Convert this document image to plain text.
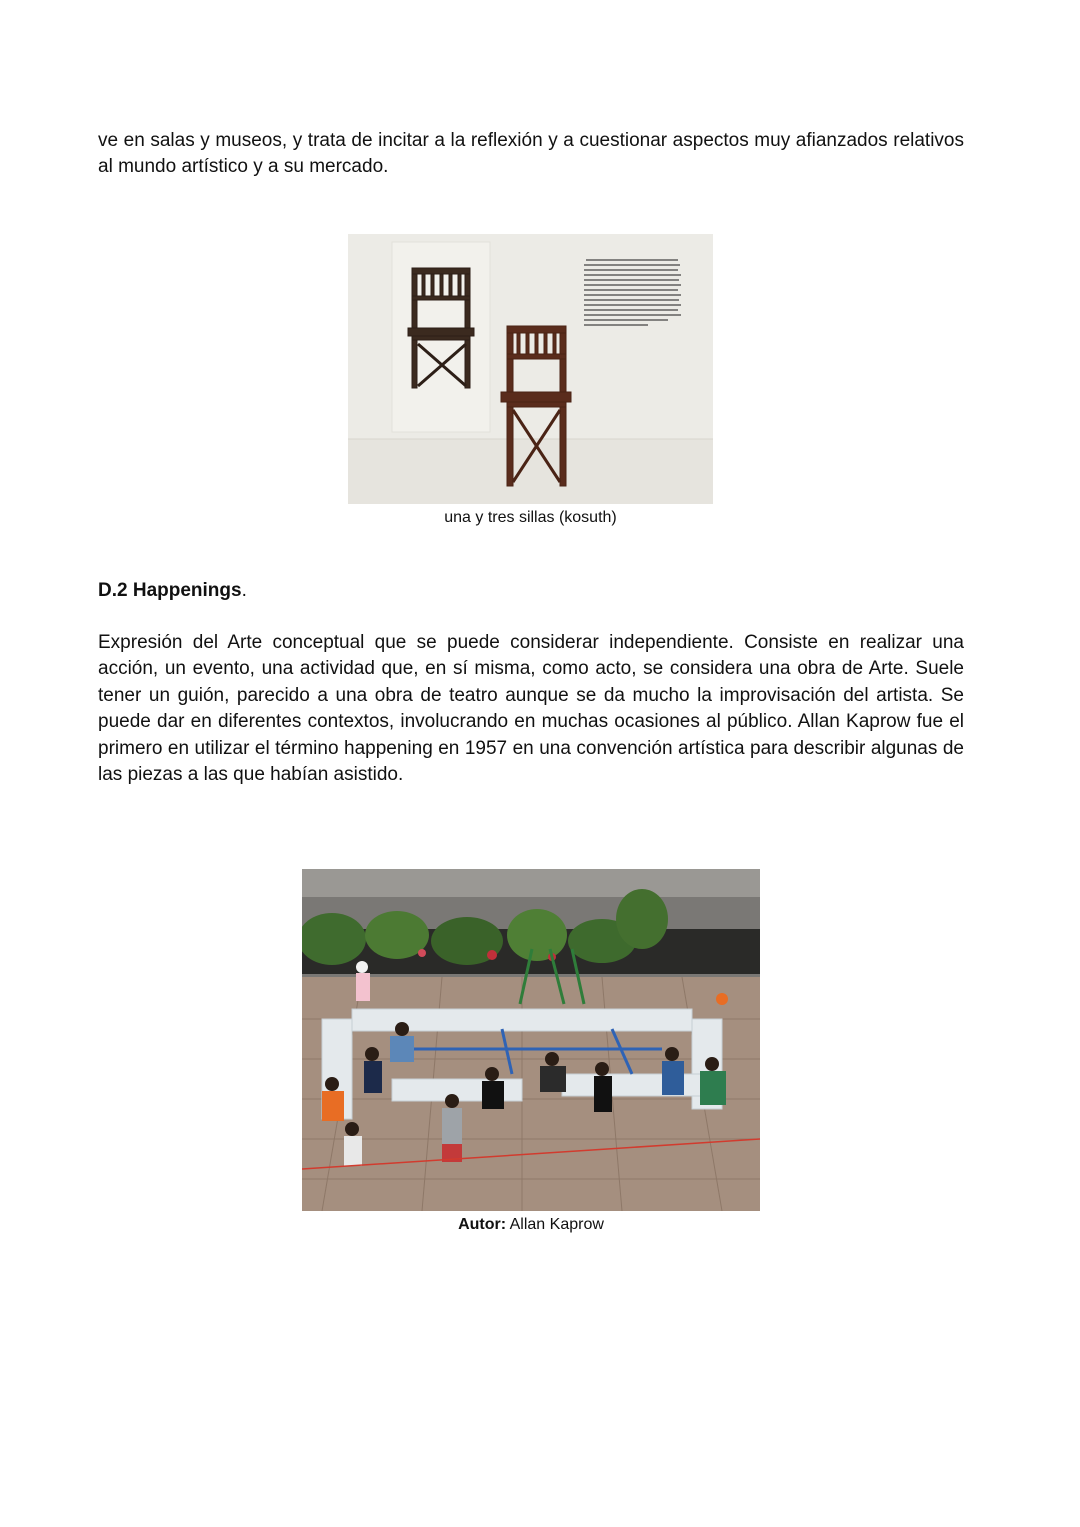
ve en salas y museos, y trata de incitar a la reflexión y a cuestionar aspectos muy afianzados relativos al mundo artístico y a su mercado.

una y tres sillas (kosuth)

D.2 Happenings.

Expresión del Arte conceptual que se puede considerar independiente. Consiste en realizar una acción, un evento, una actividad que, en sí misma, como acto, se considera una obra de Arte. Suele tener un guión, parecido a una obra de teatro aunque se da mucho la improvisación del artista. Se puede dar en diferentes contextos, involucrando en muchas ocasiones al público. Allan Kaprow fue el primero en utilizar el término happening en 1957 en una convención artística para describir algunas de las piezas a las que habían asistido.

Autor: Allan Kaprow
